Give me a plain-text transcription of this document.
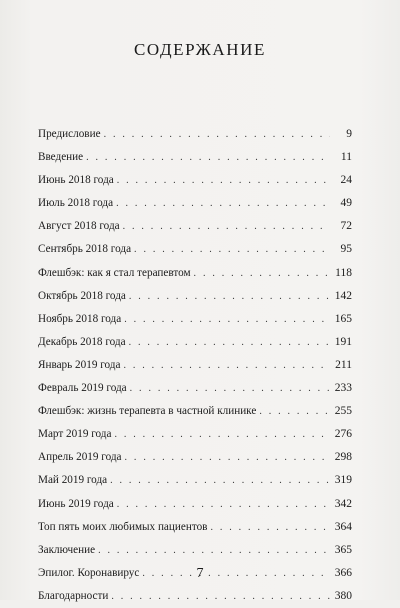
СОДЕРЖАНИЕ
Предисловие . . .	9
Введение . . .	11
Июнь 2018 года . . .	24
Июль 2018 года . . .	49
Август 2018 года . . .	72
Сентябрь 2018 года . . .	95
Флешбэк: как я стал терапевтом . . .	118
Октябрь 2018 года . . .	142
Ноябрь 2018 года . . .	165
Декабрь 2018 года . . .	191
Январь 2019 года . . .	211
Февраль 2019 года . . .	233
Флешбэк: жизнь терапевта в частной клинике . . .	255
Март 2019 года . . .	276
Апрель 2019 года . . .	298
Май 2019 года . . .	319
Июнь 2019 года . . .	342
Топ пять моих любимых пациентов . . .	364
Заключение . . .	365
Эпилог. Коронавирус . . .	366
Благодарности . . .	380
7
